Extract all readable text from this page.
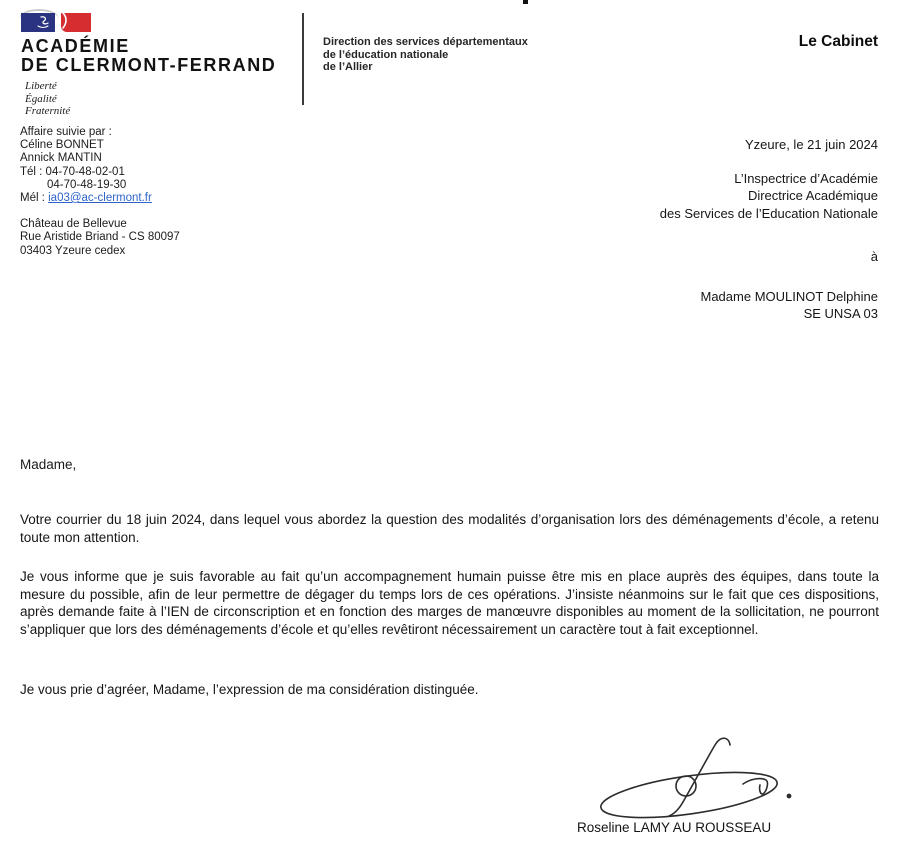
ACADÉMIE
DE CLERMONT-FERRAND
Liberté
Égalité
Fraternité
Direction des services départementaux
de l’éducation nationale
de l’Allier
Le Cabinet
Affaire suivie par :
Céline BONNET
Annick MANTIN
Tél : 04-70-48-02-01
04-70-48-19-30
Mél : ia03@ac-clermont.fr
Château de Bellevue
Rue Aristide Briand - CS 80097
03403 Yzeure cedex
Yzeure, le 21 juin 2024
L’Inspectrice d’Académie
Directrice Académique
des Services de l’Education Nationale
à
Madame MOULINOT Delphine
SE UNSA 03
Madame,
Votre courrier du 18 juin 2024, dans lequel vous abordez la question des modalités d’organisation lors des déménagements d’école, a retenu toute mon attention.
Je vous informe que je suis favorable au fait qu’un accompagnement humain puisse être mis en place auprès des équipes, dans toute la mesure du possible, afin de leur permettre de dégager du temps lors de ces opérations. J’insiste néanmoins sur le fait que ces dispositions, après demande faite à l’IEN de circonscription et en fonction des marges de manœuvre disponibles au moment de la sollicitation, ne pourront s’appliquer que lors des déménagements d’école et qu’elles revêtiront nécessairement un caractère tout à fait exceptionnel.
Je vous prie d’agréer, Madame, l’expression de ma considération distinguée.
Roseline LAMY AU ROUSSEAU
